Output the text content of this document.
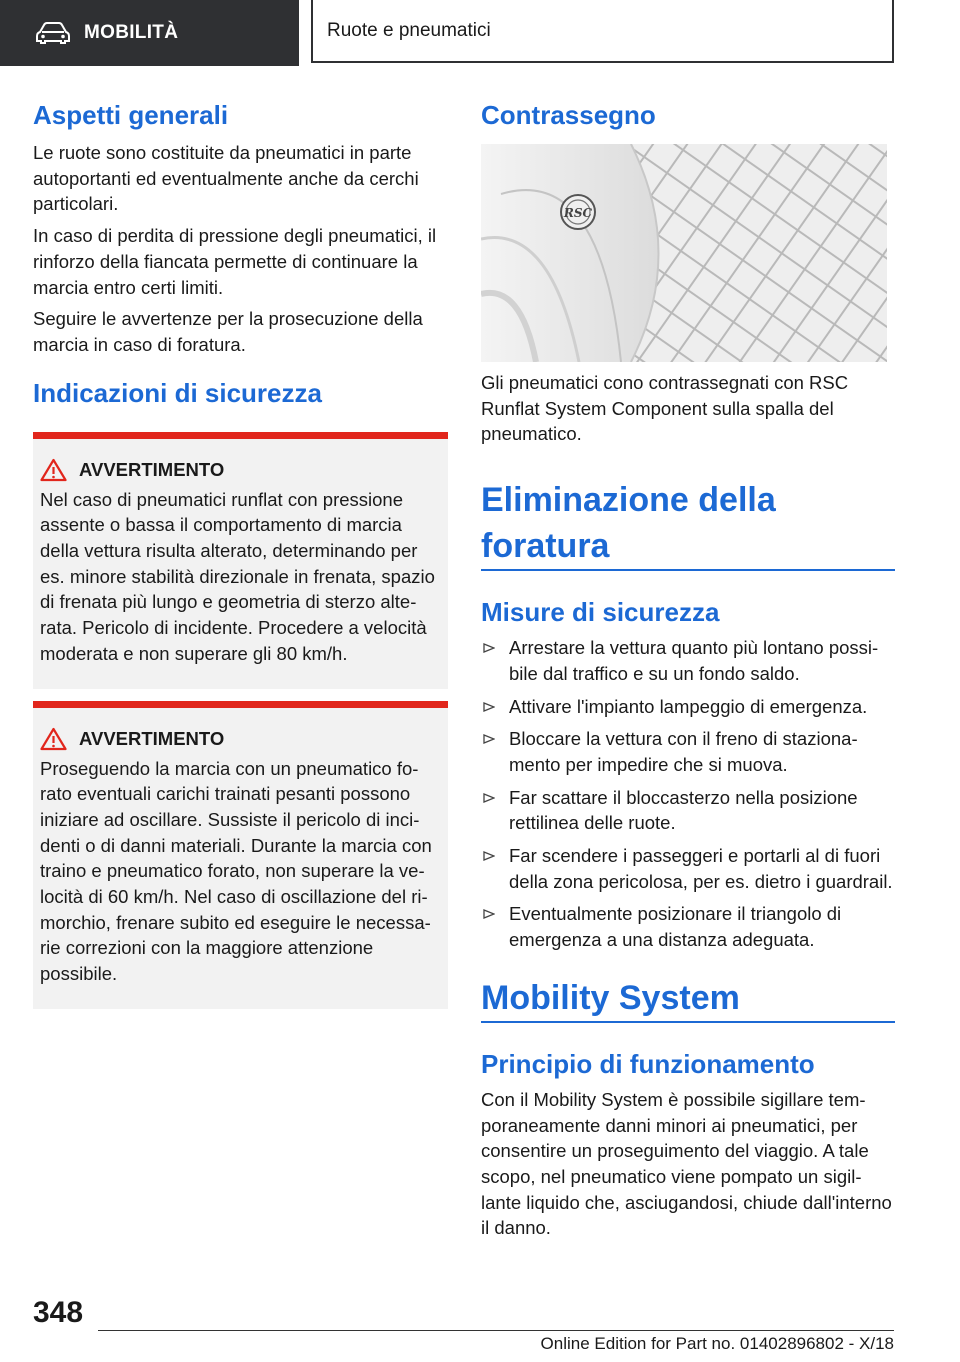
MOBILITÀ	Ruote e pneumatici
Aspetti generali

Le ruote sono costituite da pneumatici in parte autoportanti ed eventualmente anche da cerchi particolari.

In caso di perdita di pressione degli pneumatici, il rinforzo della fiancata permette di continuare la marcia entro certi limiti.

Seguire le avvertenze per la prosecuzione della marcia in caso di foratura.

Indicazioni di sicurezza
AVVERTIMENTO

Nel caso di pneumatici runflat con pressione assente o bassa il comportamento di marcia della vettura risulta alterato, determinando per es. minore stabilità direzionale in frenata, spazio di frenata più lungo e geometria di sterzo alterata. Pericolo di incidente. Procedere a velocità moderata e non superare gli 80 km/h.

AVVERTIMENTO

Proseguendo la marcia con un pneumatico forato eventuali carichi trainati pesanti possono iniziare ad oscillare. Sussiste il pericolo di incidenti o di danni materiali. Durante la marcia con traino e pneumatico forato, non superare la velocità di 60 km/h. Nel caso di oscillazione del rimorchio, frenare subito ed eseguire le necessarie correzioni con la maggiore attenzione possibile.

Contrassegno
RSC

Gli pneumatici cono contrassegnati con RSC Runflat System Component sulla spalla del pneumatico.

Eliminazione della foratura
Misure di sicurezza
Arrestare la vettura quanto più lontano possibile dal traffico e su un fondo saldo.
Attivare l'impianto lampeggio di emergenza.
Bloccare la vettura con il freno di stazionamento per impedire che si muova.
Far scattare il bloccasterzo nella posizione rettilinea delle ruote.
Far scendere i passeggeri e portarli al di fuori della zona pericolosa, per es. dietro i guardrail.
Eventualmente posizionare il triangolo di emergenza a una distanza adeguata.
Mobility System
Principio di funzionamento

Con il Mobility System è possibile sigillare temporaneamente danni minori ai pneumatici, per consentire un proseguimento del viaggio. A tale scopo, nel pneumatico viene pompato un sigillante liquido che, asciugandosi, chiude dall'interno il danno.

348
Online Edition for Part no. 01402896802 - X/18
